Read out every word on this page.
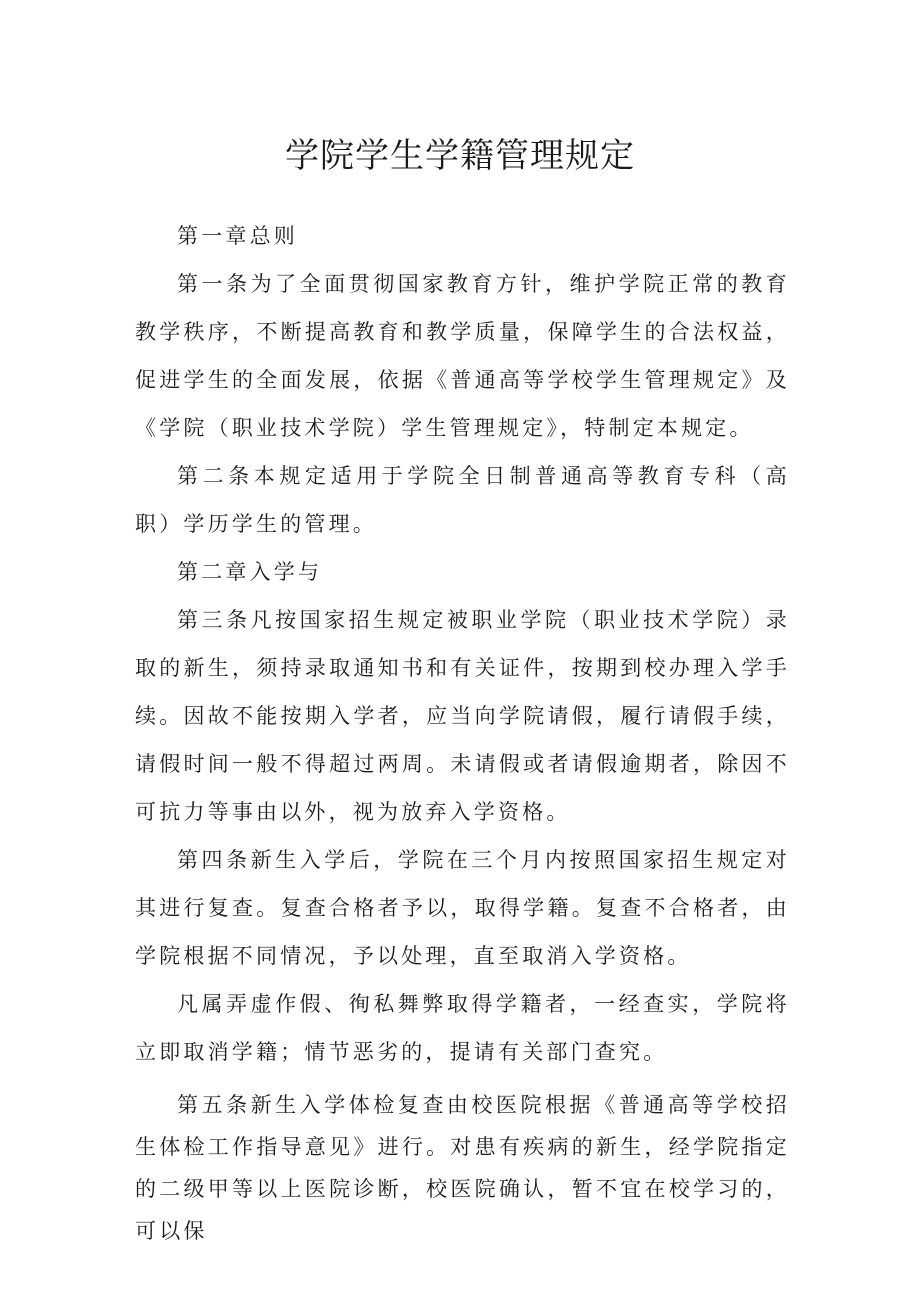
学院学生学籍管理规定

第一章总则

第一条为了全面贯彻国家教育方针，维护学院正常的教育教学秩序，不断提高教育和教学质量，保障学生的合法权益，促进学生的全面发展，依据《普通高等学校学生管理规定》及《学院（职业技术学院）学生管理规定》，特制定本规定。

第二条本规定适用于学院全日制普通高等教育专科（高职）学历学生的管理。

第二章入学与

第三条凡按国家招生规定被职业学院（职业技术学院）录取的新生，须持录取通知书和有关证件，按期到校办理入学手续。因故不能按期入学者，应当向学院请假，履行请假手续，请假时间一般不得超过两周。未请假或者请假逾期者，除因不可抗力等事由以外，视为放弃入学资格。

第四条新生入学后，学院在三个月内按照国家招生规定对其进行复查。复查合格者予以，取得学籍。复查不合格者，由学院根据不同情况，予以处理，直至取消入学资格。

凡属弄虚作假、徇私舞弊取得学籍者，一经查实，学院将立即取消学籍；情节恶劣的，提请有关部门查究。

第五条新生入学体检复查由校医院根据《普通高等学校招生体检工作指导意见》进行。对患有疾病的新生，经学院指定的二级甲等以上医院诊断，校医院确认，暂不宜在校学习的，可以保
